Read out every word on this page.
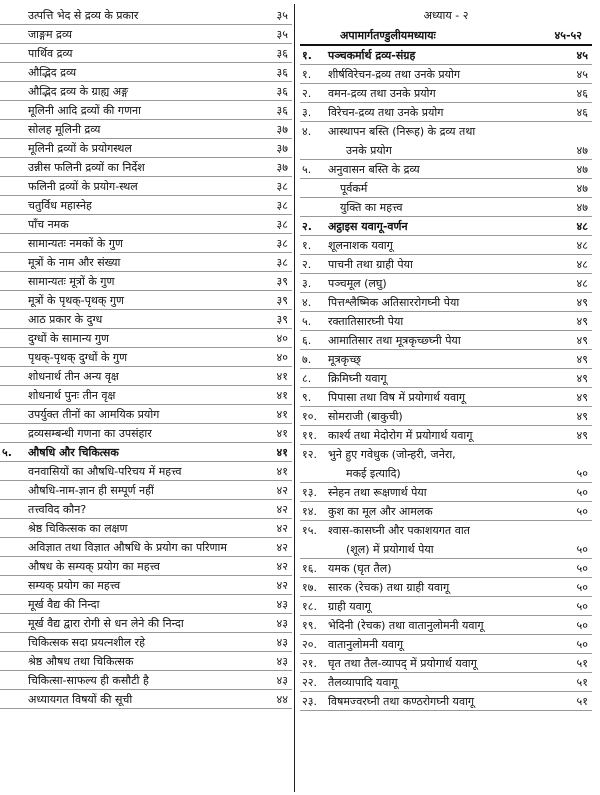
उत्पत्ति भेद से द्रव्य के प्रकार	३५
जाङ्गम द्रव्य	३५
पार्थिव द्रव्य	३६
औद्भिद द्रव्य	३६
औद्भिद द्रव्य के ग्राह्य अङ्ग	३६
मूलिनी आदि द्रव्यों की गणना	३६
सोलह मूलिनी द्रव्य	३७
मूलिनी द्रव्यों के प्रयोगस्थल	३७
उन्नीस फलिनी द्रव्यों का निर्देश	३७
फलिनी द्रव्यों के प्रयोग-स्थल	३८
चतुर्विध महास्नेह	३८
पाँच नमक	३८
सामान्यतः नमकों के गुण	३८
मूत्रों के नाम और संख्या	३८
सामान्यतः मूत्रों के गुण	३९
मूत्रों के पृथक्-पृथक् गुण	३९
आठ प्रकार के दुग्ध	३९
दुग्धों के सामान्य गुण	४०
पृथक्-पृथक् दुग्धों के गुण	४०
शोधनार्थ तीन अन्य वृक्ष	४१
शोधनार्थ पुनः तीन वृक्ष	४१
उपर्युक्त तीनों का आमयिक प्रयोग	४१
द्रव्यसम्बन्धी गणना का उपसंहार	४१
५. औषधि और चिकित्सक	४१
वनवासियों का औषधि-परिचय में महत्त्व	४१
औषधि-नाम-ज्ञान ही सम्पूर्ण नहीं	४२
तत्त्वविद कौन?	४२
श्रेष्ठ चिकित्सक का लक्षण	४२
अविज्ञात तथा विज्ञात औषधि के प्रयोग का परिणाम	४२
औषध के सम्यक् प्रयोग का महत्त्व	४२
सम्यक् प्रयोग का महत्त्व	४२
मूर्ख वैद्य की निन्दा	४३
मूर्ख वैद्य द्वारा रोगी से धन लेने की निन्दा	४३
चिकित्सक सदा प्रयत्नशील रहे	४३
श्रेष्ठ औषध तथा चिकित्सक	४३
चिकित्सा-साफल्य ही कसौटी है	४३
अध्यायगत विषयों की सूची	४४
अध्याय - २
अपामार्गतण्डुलीयमध्यायः	४५-५२
१. पञ्चकर्मार्थ द्रव्य-संग्रह	४५
१. शीर्षविरेचन-द्रव्य तथा उनके प्रयोग	४५
२. वमन-द्रव्य तथा उनके प्रयोग	४६
३. विरेचन-द्रव्य तथा उनके प्रयोग	४६
४. आस्थापन बस्ति (निरूह) के द्रव्य तथा
उनके प्रयोग	४७
५. अनुवासन बस्ति के द्रव्य	४७
पूर्वकर्म	४७
युक्ति का महत्त्व	४७
२. अट्ठाइस यवागू-वर्णन	४८
१. शूलनाशक यवागू	४८
२. पाचनी तथा ग्राही पेया	४८
३. पञ्चमूल (लघु)	४८
४. पित्तश्लैष्मिक अतिसाररोगघ्नी पेया	४९
५. रक्तातिसारघ्नी पेया	४९
६. आमातिसार तथा मूत्रकृच्छ्घ्नी पेया	४९
७. मूत्रकृच्छ्	४९
८. क्रिमिघ्नी यवागू	४९
९. पिपासा तथा विष में प्रयोगार्थ यवागू	४९
१०. सोमराजी (बाकुची)	४९
११. कार्श्य तथा मेदोरोग में प्रयोगार्थ यवागू	४९
१२. भुने हुए गवेधुक (जोन्हरी, जनेरा,
मकई इत्यादि)	५०
१३. स्नेहन तथा रूक्षणार्थ पेया	५०
१४. कुश का मूल और आमलक	५०
१५. श्वास-कासघ्नी और पकाशयगत वात
(शूल) में प्रयोगार्थ पेया	५०
१६. यमक (घृत तैल)	५०
१७. सारक (रेचक) तथा ग्राही यवागू	५०
१८. ग्राही यवागू	५०
१९. भेदिनी (रेचक) तथा वातानुलोमनी यवागू	५०
२०. वातानुलोमनी यवागू	५०
२१. घृत तथा तैल-व्यापद् में प्रयोगार्थ यवागू	५१
२२. तैलव्यापादि यवागू	५१
२३. विषमज्वरघ्नी तथा कण्ठरोगघ्नी यवागू	५१
